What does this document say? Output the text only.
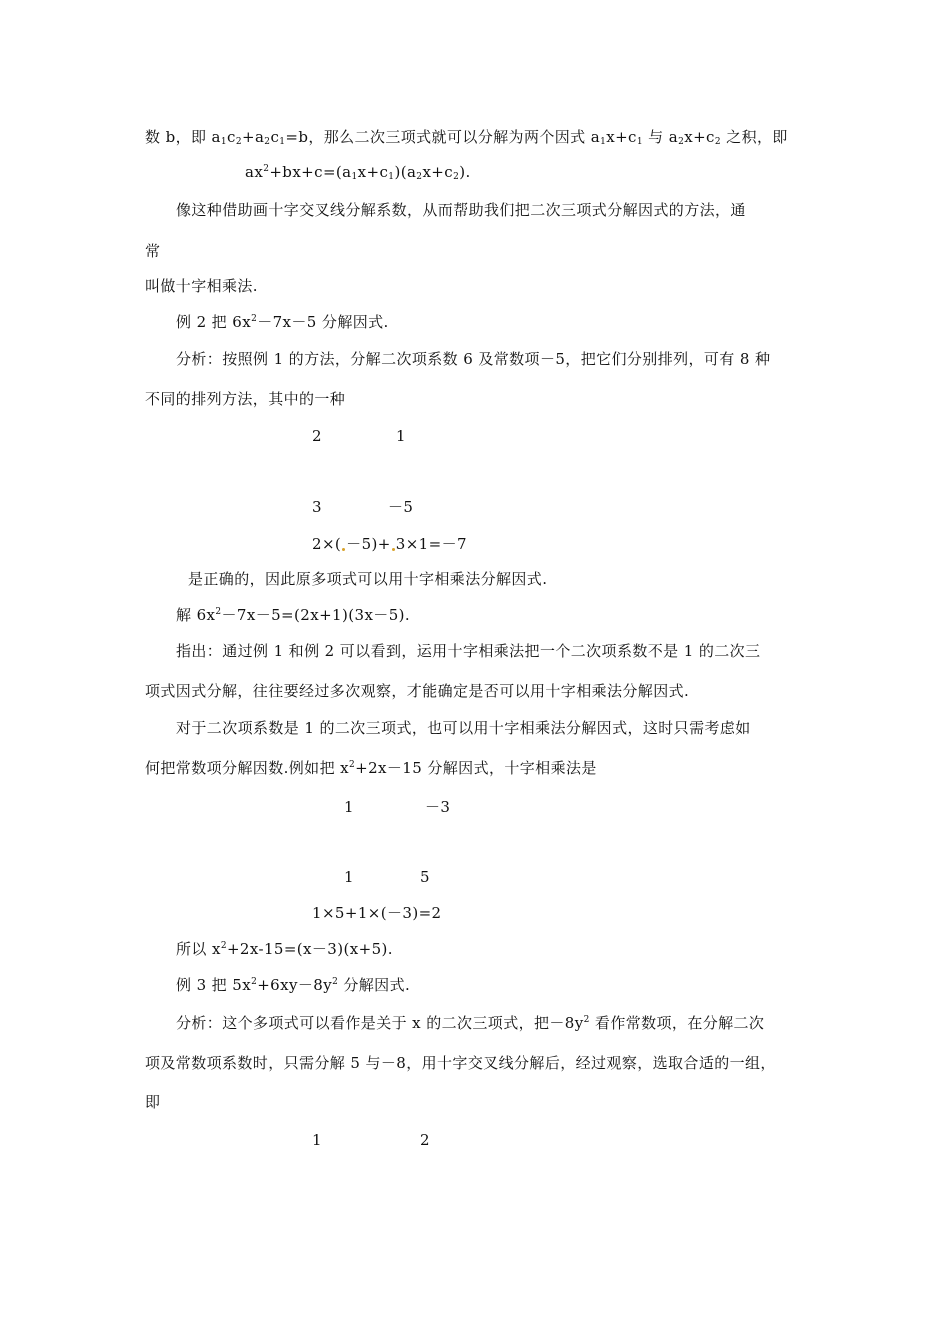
数 b，即 $a_1c_2+a_2c_1=b$，那么二次三项式就可以分解为两个因式 $a_1x+c_1$ 与 $a_2x+c_2$ 之积，即
$ax^2+bx+c=(a_1x+c_1)(a_2x+c_2)$.
像这种借助画十字交叉线分解系数，从而帮助我们把二次三项式分解因式的方法，通
常
叫做十字相乘法.
例 2 把 $6x^2-7x-5$ 分解因式.
分析：按照例 1 的方法，分解二次项系数 6 及常数项－5，把它们分别排列，可有 8 种
不同的排列方法，其中的一种
2	1
3	－5
2×( －5)+ 3×1=－7
是正确的，因此原多项式可以用十字相乘法分解因式.
解 $6x^2-7x-5=(2x+1)(3x-5)$.
指出：通过例 1 和例 2 可以看到，运用十字相乘法把一个二次项系数不是 1 的二次三
项式因式分解，往往要经过多次观察，才能确定是否可以用十字相乘法分解因式.
对于二次项系数是 1 的二次三项式，也可以用十字相乘法分解因式，这时只需考虑如
何把常数项分解因数.例如把 $x^2+2x-15$ 分解因式，十字相乘法是
1	－3
1	5
1×5+1×(－3)=2
所以 $x^2+2x-15=(x-3)(x+5)$.
例 3 把 $5x^2+6xy-8y^2$ 分解因式.
分析：这个多项式可以看作是关于 x 的二次三项式，把$-8y^2$ 看作常数项，在分解二次
项及常数项系数时，只需分解 5 与－8，用十字交叉线分解后，经过观察，选取合适的一组，
即
1	2
